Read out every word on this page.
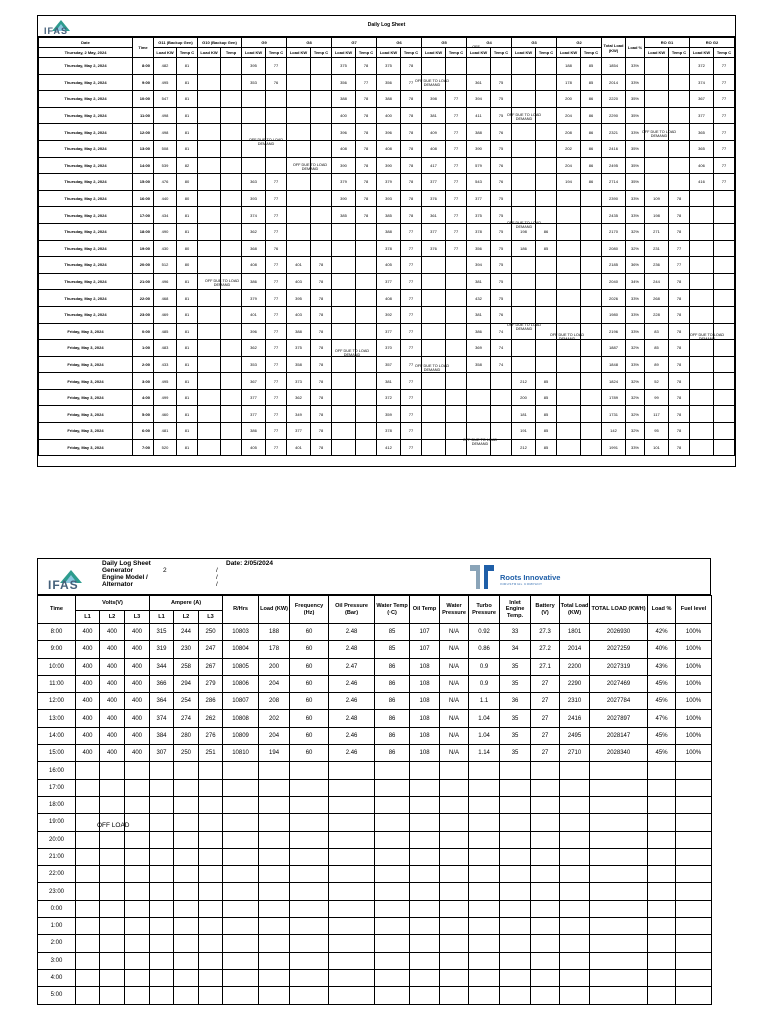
IFAS
Daily Log Sheet
Date	Time	G11 (Backup Gen)		G10 (Backup Gen)		G9		G8		G7		G6		G5		G4		G3		G2		Total Load (KW)	Load %	RO G1		RO G2	
Thursday, 2 May, 2024		Load KW	Temp C	Load KW	Temp	Load KW	Temp C	Load KW	Temp C	Load KW	Temp C	Load KW	Temp C	Load KW	Temp C	Load KW	Temp C	Load KW	Temp C	Load KW	Temp C			Load KW	Temp C	Load KW	Temp C
Thursday, May 2, 2024	8:00	482	81			395	77			375	78	375	78							188	85	1854	33%			372	77
Thursday, May 2, 2024	9:00	495	81			353	76			356	77	356	77			361	75			178	85	2014	33%			374	77
Thursday, May 2, 2024	10:00	547	81							388	78	388	78	398	77	394	75			200	86	2220	35%			367	77
Thursday, May 2, 2024	11:00	498	81							400	78	400	78	381	77	411	75			204	86	2290	35%			377	77
Thursday, May 2, 2024	12:00	498	81							396	78	396	78	409	77	388	76			208	86	2321	33%			365	77
Thursday, May 2, 2024	13:00	508	81							408	78	408	78	408	77	390	75			202	86	2416	35%			365	77
Thursday, May 2, 2024	14:00	539	82							390	78	390	78	417	77	579	76			204	86	2495	35%			406	77
Thursday, May 2, 2024	15:00	476	80			363	77			379	78	379	78	377	77	543	76			194	86	2714	35%			416	77
Thursday, May 2, 2024	16:00	440	80			393	77			390	78	393	78	376	77	377	75					2390	33%	109	78		
Thursday, May 2, 2024	17:00	434	81			374	77			385	78	385	78	361	77	375	75					2435	33%	198	78		
Thursday, May 2, 2024	18:00	490	81			362	77					388	77	377	77	378	75	198	86			2170	32%	271	78		
Thursday, May 2, 2024	19:00	430	80			368	76					378	77	376	77	356	75	186	85			2080	32%	231	77		
Thursday, May 2, 2024	20:00	512	80			408	77	401	78			405	77			394	75					2185	36%	236	77		
Thursday, May 2, 2024	21:00	496	81			386	77	403	78			377	77			381	75					2040	34%	244	78		
Thursday, May 2, 2024	22:00	468	81			379	77	395	78			408	77			432	75					2026	33%	268	78		
Thursday, May 2, 2024	23:00	469	81			401	77	403	78			392	77			381	76					1980	33%	228	78		
Friday, May 3, 2024	0:00	485	81			396	77	388	78			377	77			386	74					2196	33%	83	78		
Friday, May 3, 2024	1:00	483	81			362	77	375	78			370	77			369	74					1887	32%	85	78		
Friday, May 3, 2024	2:00	433	81			353	77	358	78			357	77			358	74					1848	33%	89	78		
Friday, May 3, 2024	3:00	495	81			367	77	373	78			381	77					212	85			1824	32%	52	78		
Friday, May 3, 2024	4:00	499	81			377	77	362	78			372	77					200	85			1789	32%	99	78		
Friday, May 3, 2024	5:00	460	81			377	77	349	78			359	77					181	85			1731	32%	117	78		
Friday, May 3, 2024	6:00	481	81			386	77	377	78			378	77					191	85			142	32%	95	78		
Friday, May 3, 2024	7:00	520	81			405	77	401	78			412	77					212	85			1991	33%	101	78		
OFF
OFF DUE TO LOAD DEMAND
OFF DUE TO LOAD DEMAND
OFF DUE TO LOAD DEMAND
OFF DUE TO LOAD DEMAND
OFF DUE TO LOAD DEMAND
OFF DUE TO LOAD DEMAND
OFF DUE TO LOAD DEMAND
OFF DUE TO LOAD DEMAND
OFF DUE TO LOAD DEMAND
OFF DUE TO LOAD DEMAND
OFF DUE TO LOAD DEMAND
OFF DUE TO LOAD DEMAND
OFF DUE TO LOAD DEMAND
IFAS
Daily Log Sheet
Generator	2
Engine Model /
Alternator
Date: 2/05/2024
/
/
/
Roots Innovative
INDUSTRIAL COMPANY
Time	Volts(V)			Ampere (A)			R/Hrs	Load (KW)	Frequency (Hz)	Oil Pressure (Bar)	Water Temp (·C)	Oil Temp	Water Pressure	Turbo Pressure	Inlet Engine Temp.	Battery (V)	Total Load (KW)	TOTAL LOAD (KWH)	Load %	Fuel level
	L1	L2	L3	L1	L2	L3														
8:00	400	400	400	315	244	250	10803	188	60	2.48	85	107	N/A	0.92	33	27.3	1801	2026930	42%	100%
9:00	400	400	400	319	230	247	10804	178	60	2.48	85	107	N/A	0.86	34	27.2	2014	2027259	40%	100%
10:00	400	400	400	344	258	267	10805	200	60	2.47	86	108	N/A	0.9	35	27.1	2200	2027319	43%	100%
11:00	400	400	400	366	294	279	10806	204	60	2.46	86	108	N/A	0.9	35	27	2290	2027469	45%	100%
12:00	400	400	400	364	254	286	10807	208	60	2.46	86	108	N/A	1.1	36	27	2310	2027784	45%	100%
13:00	400	400	400	374	274	262	10808	202	60	2.48	86	108	N/A	1.04	35	27	2416	2027897	47%	100%
14:00	400	400	400	384	280	276	10809	204	60	2.46	86	108	N/A	1.04	35	27	2495	2028147	45%	100%
15:00	400	400	400	307	250	251	10810	194	60	2.46	86	108	N/A	1.14	35	27	2710	2028340	45%	100%
16:00																				
17:00																				
18:00																				
19:00																				
20:00																				
21:00																				
22:00																				
23:00																				
0:00																				
1:00																				
2:00																				
3:00																				
4:00																				
5:00																				
OFF LOAD
